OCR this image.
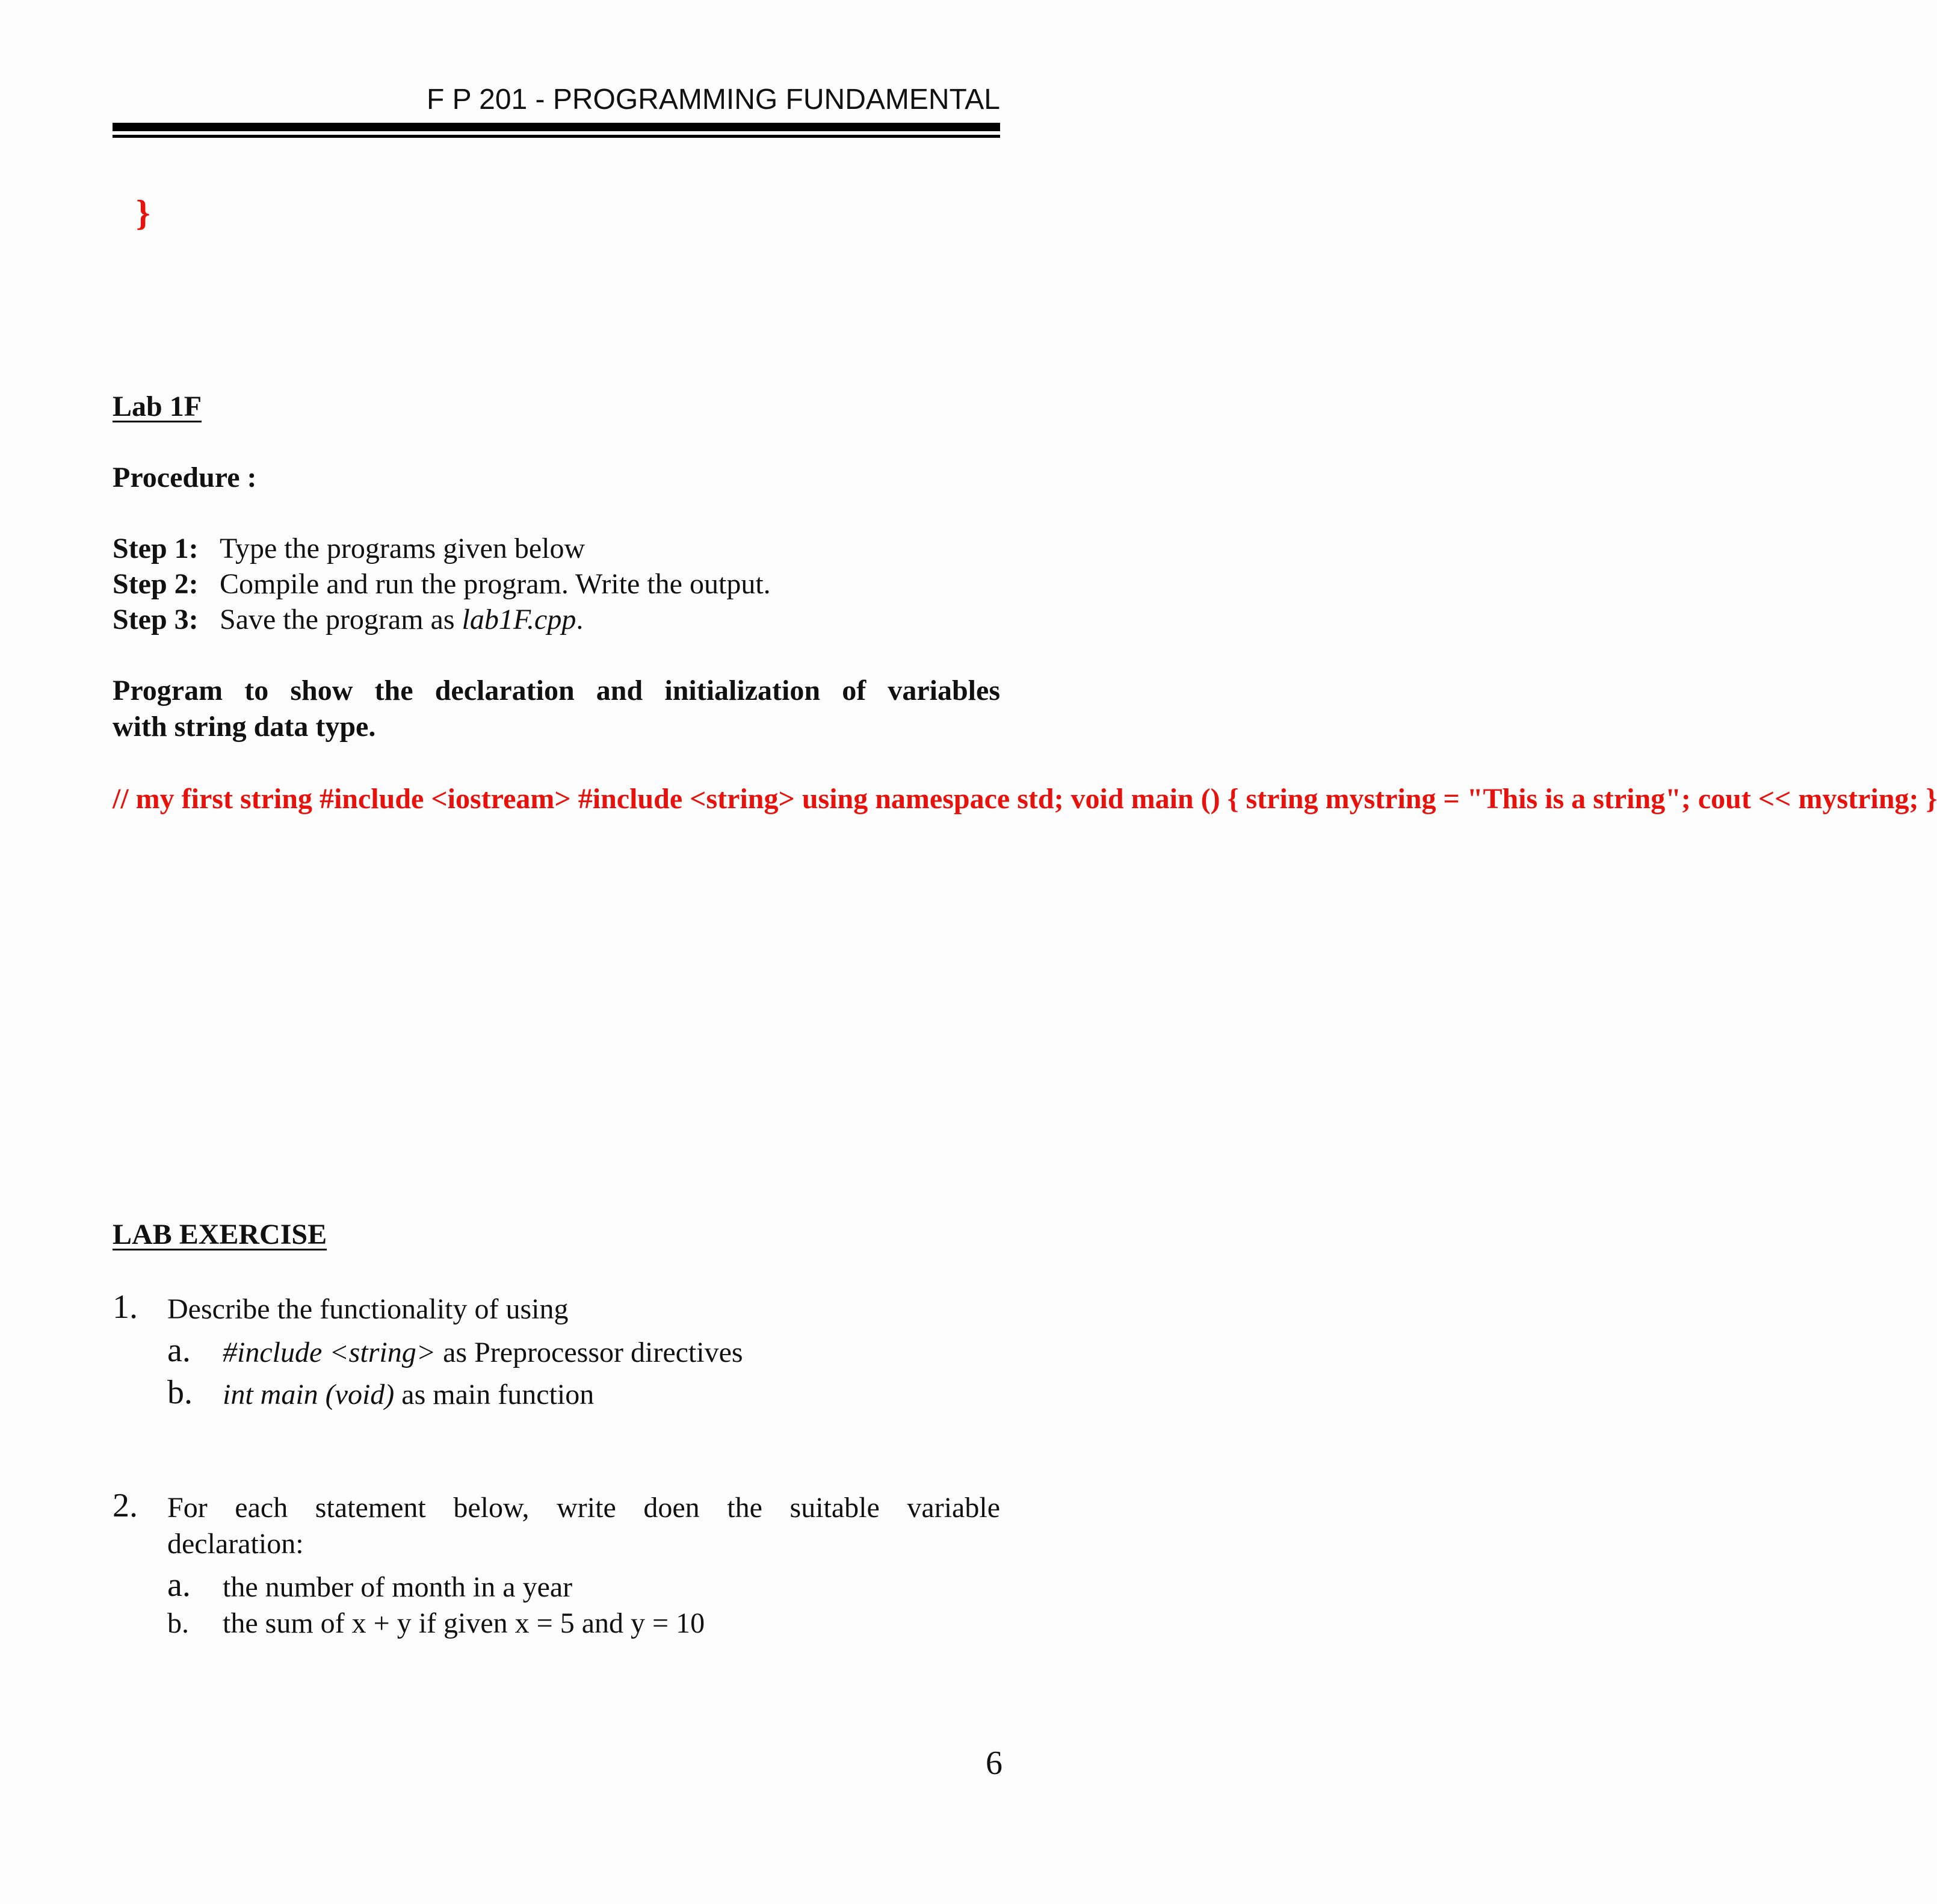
F P 201 - PROGRAMMING FUNDAMENTAL
}
Lab 1F
Procedure :
Step 1: Type the programs given below
Step 2: Compile and run the program. Write the output.
Step 3: Save the program as lab1F.cpp.
Program to show the declaration and initialization of variables
with string data type.
// my first string #include <iostream> #include <string> using namespace std; void main () { string mystring = "This is a string"; cout << mystring; }
LAB EXERCISE
1. Describe the functionality of using
a. #include <string> as Preprocessor directives
b. int main (void) as main function
2. For each statement below, write doen the suitable variable
declaration:
a. the number of month in a year
b. the sum of x + y if given x = 5 and y = 10
6
